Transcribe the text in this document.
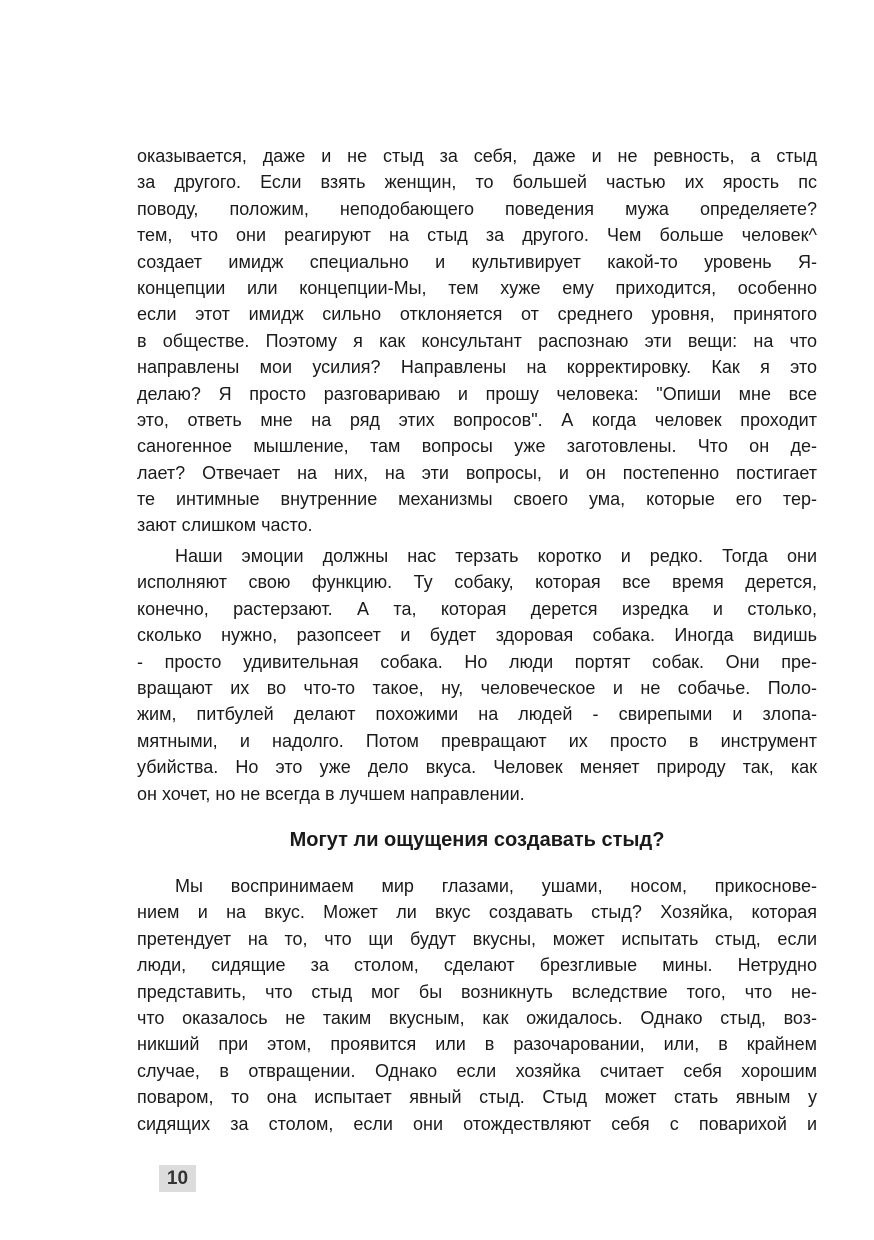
оказывается, даже и не стыд за себя, даже и не ревность, а стыд
за другого. Если взять женщин, то большей частью их ярость пс
поводу, положим, неподобающего поведения мужа определяете?
тем, что они реагируют на стыд за другого. Чем больше человек^
создает имидж специально и культивирует какой-то уровень Я-
концепции или концепции-Мы, тем хуже ему приходится, особенно
если этот имидж сильно отклоняется от среднего уровня, принятого
в обществе. Поэтому я как консультант распознаю эти вещи: на что
направлены мои усилия? Направлены на корректировку. Как я это
делаю? Я просто разговариваю и прошу человека: "Опиши мне все
это, ответь мне на ряд этих вопросов". А когда человек проходит
саногенное мышление, там вопросы уже заготовлены. Что он де-
лает? Отвечает на них, на эти вопросы, и он постепенно постигает
те интимные внутренние механизмы своего ума, которые его тер-
зают слишком часто.
Наши эмоции должны нас терзать коротко и редко. Тогда они
исполняют свою функцию. Ту собаку, которая все время дерется,
конечно, растерзают. А та, которая дерется изредка и столько,
сколько нужно, разопсеет и будет здоровая собака. Иногда видишь
- просто удивительная собака. Но люди портят собак. Они пре-
вращают их во что-то такое, ну, человеческое и не собачье. Поло-
жим, питбулей делают похожими на людей - свирепыми и злопа-
мятными, и надолго. Потом превращают их просто в инструмент
убийства. Но это уже дело вкуса. Человек меняет природу так, как
он хочет, но не всегда в лучшем направлении.
Могут ли ощущения создавать стыд?
Мы воспринимаем мир глазами, ушами, носом, прикоснове-
нием и на вкус. Может ли вкус создавать стыд? Хозяйка, которая
претендует на то, что щи будут вкусны, может испытать стыд, если
люди, сидящие за столом, сделают брезгливые мины. Нетрудно
представить, что стыд мог бы возникнуть вследствие того, что не-
что оказалось не таким вкусным, как ожидалось. Однако стыд, воз-
никший при этом, проявится или в разочаровании, или, в крайнем
случае, в отвращении. Однако если хозяйка считает себя хорошим
поваром, то она испытает явный стыд. Стыд может стать явным у
сидящих за столом, если они отождествляют себя с поварихой и
10
